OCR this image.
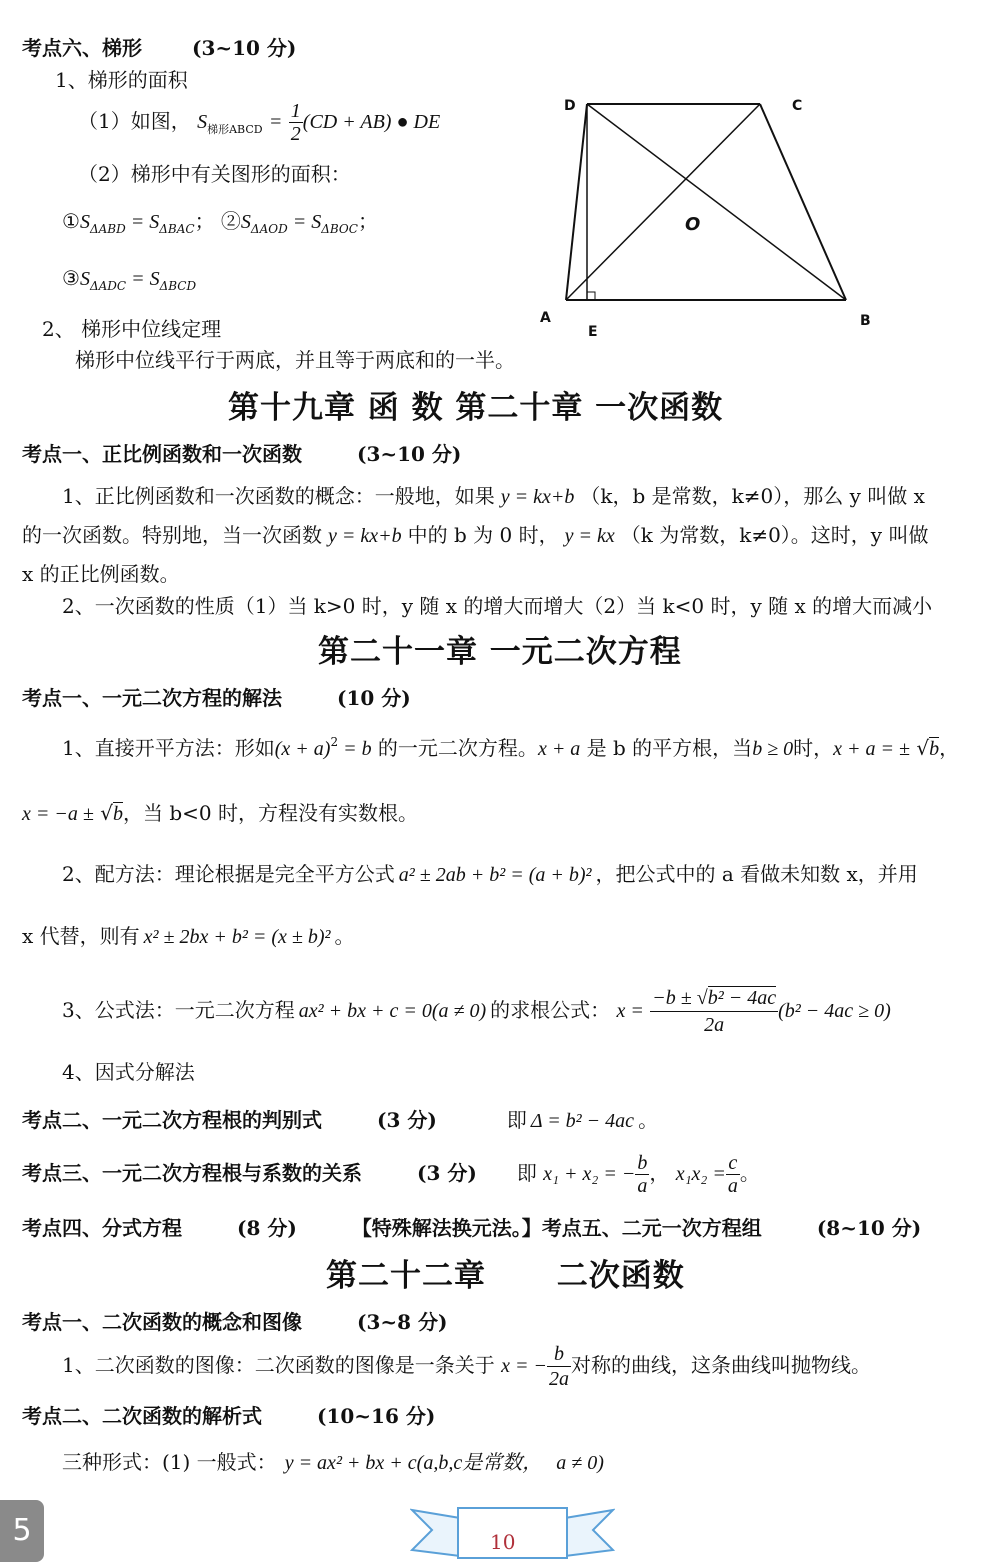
考点六、梯形	(3~10 分)
1、梯形的面积
（1）如图， $S_{梯形ABCD} = \frac{1}{2} (CD + AB)$ ● DE
（2）梯形中有关图形的面积：
$①S_{\Delta ABD} = S_{\Delta BAC}$； $②S_{\Delta AOD} = S_{\Delta BOC}$；
$③S_{\Delta ADC} = S_{\Delta BCD}$
2、 梯形中位线定理
梯形中位线平行于两底，并且等于两底和的一半。
D	C
O
A
E
B
第十九章 函 数 第二十章 一次函数
考点一、正比例函数和一次函数	(3~10 分)
1、正比例函数和一次函数的概念：一般地，如果 y = kx+b （k，b 是常数，k≠0），那么 y 叫做 x
的一次函数。特别地，当一次函数 y = kx+b 中的 b 为 0 时， y = kx （k 为常数，k≠0）。这时，y 叫做
x 的正比例函数。
2、一次函数的性质（1）当 k>0 时，y 随 x 的增大而增大（2）当 k<0 时，y 随 x 的增大而减小
第二十一章 一元二次方程
考点一、一元二次方程的解法	(10 分)
1、直接开平方法：形如$(x + a)^2 = b$ 的一元二次方程。x + a 是 b 的平方根，当b ≥ 0时，x + a = ± √b，
x = −a ± √b，当 b<0 时，方程没有实数根。
2、配方法：理论根据是完全平方公式 a² ± 2ab + b² = (a + b)² ，把公式中的 a 看做未知数 x，并用
x 代替，则有 x² ± 2bx + b² = (x ± b)² 。
3、公式法：一元二次方程 ax² + bx + c = 0(a ≠ 0) 的求根公式： $x = \frac{\text{−b ± √b² − 4ac}}{2a} (b^2 - 4ac \ge 0)$
4、因式分解法
考点二、一元二次方程根的判别式	(3 分)	即 Δ = b² − 4ac 。
考点三、一元二次方程根与系数的关系	(3 分) 即 x₁ + x₂ = − $\frac{b}{a}$ ， $x_1x_2 = \frac{c}{a}$ 。
考点四、分式方程	(8 分)	【特殊解法换元法。】考点五、二元一次方程组	(8~10 分)
第二十二章      二次函数
考点一、二次函数的概念和图像	(3~8 分)
1、二次函数的图像：二次函数的图像是一条关于 x = − $\frac{b}{2a}$ 对称的曲线，这条曲线叫抛物线。
考点二、二次函数的解析式	(10~16 分)
三种形式：(1) 一般式： y = ax² + bx + c(a,b,c是常数， a ≠ 0)
5	10
